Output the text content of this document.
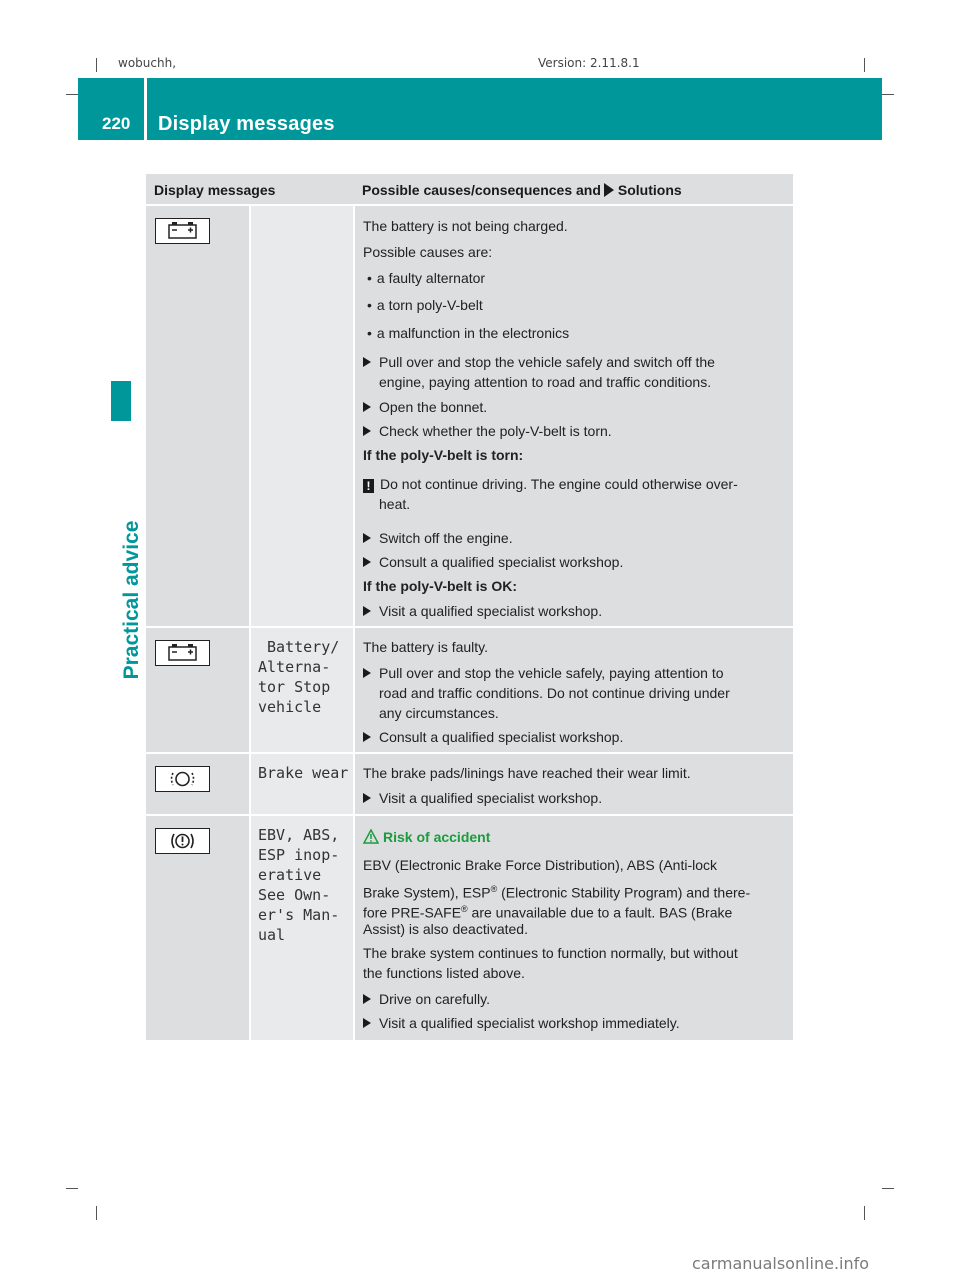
wobuchh,	Version: 2.11.8.1
220 Display messages
Practical advice
Display messages	Possible causes/consequences and Solutions
The battery is not being charged.
Possible causes are:
• a faulty alternator
• a torn poly-V-belt
• a malfunction in the electronics
Pull over and stop the vehicle safely and switch off the
engine, paying attention to road and traffic conditions.
Open the bonnet.
Check whether the poly-V-belt is torn.
If the poly-V-belt is torn:
! Do not continue driving. The engine could otherwise over-
heat.
Switch off the engine.
Consult a qualified specialist workshop.
If the poly-V-belt is OK:
Visit a qualified specialist workshop.
Battery/
Alterna-
tor Stop
vehicle
The battery is faulty.
Pull over and stop the vehicle safely, paying attention to
road and traffic conditions. Do not continue driving under
any circumstances.
Consult a qualified specialist workshop.
Brake wear The brake pads/linings have reached their wear limit.
Visit a qualified specialist workshop.
EBV, ABS,
ESP inop-
erative
See Own-
er's Man-
ual
Risk of accident
EBV (Electronic Brake Force Distribution), ABS (Anti-lock
Brake System), ESP® (Electronic Stability Program) and there-
fore PRE-SAFE® are unavailable due to a fault. BAS (Brake
Assist) is also deactivated.
The brake system continues to function normally, but without
the functions listed above.
Drive on carefully.
Visit a qualified specialist workshop immediately.
carmanualsonline.info
